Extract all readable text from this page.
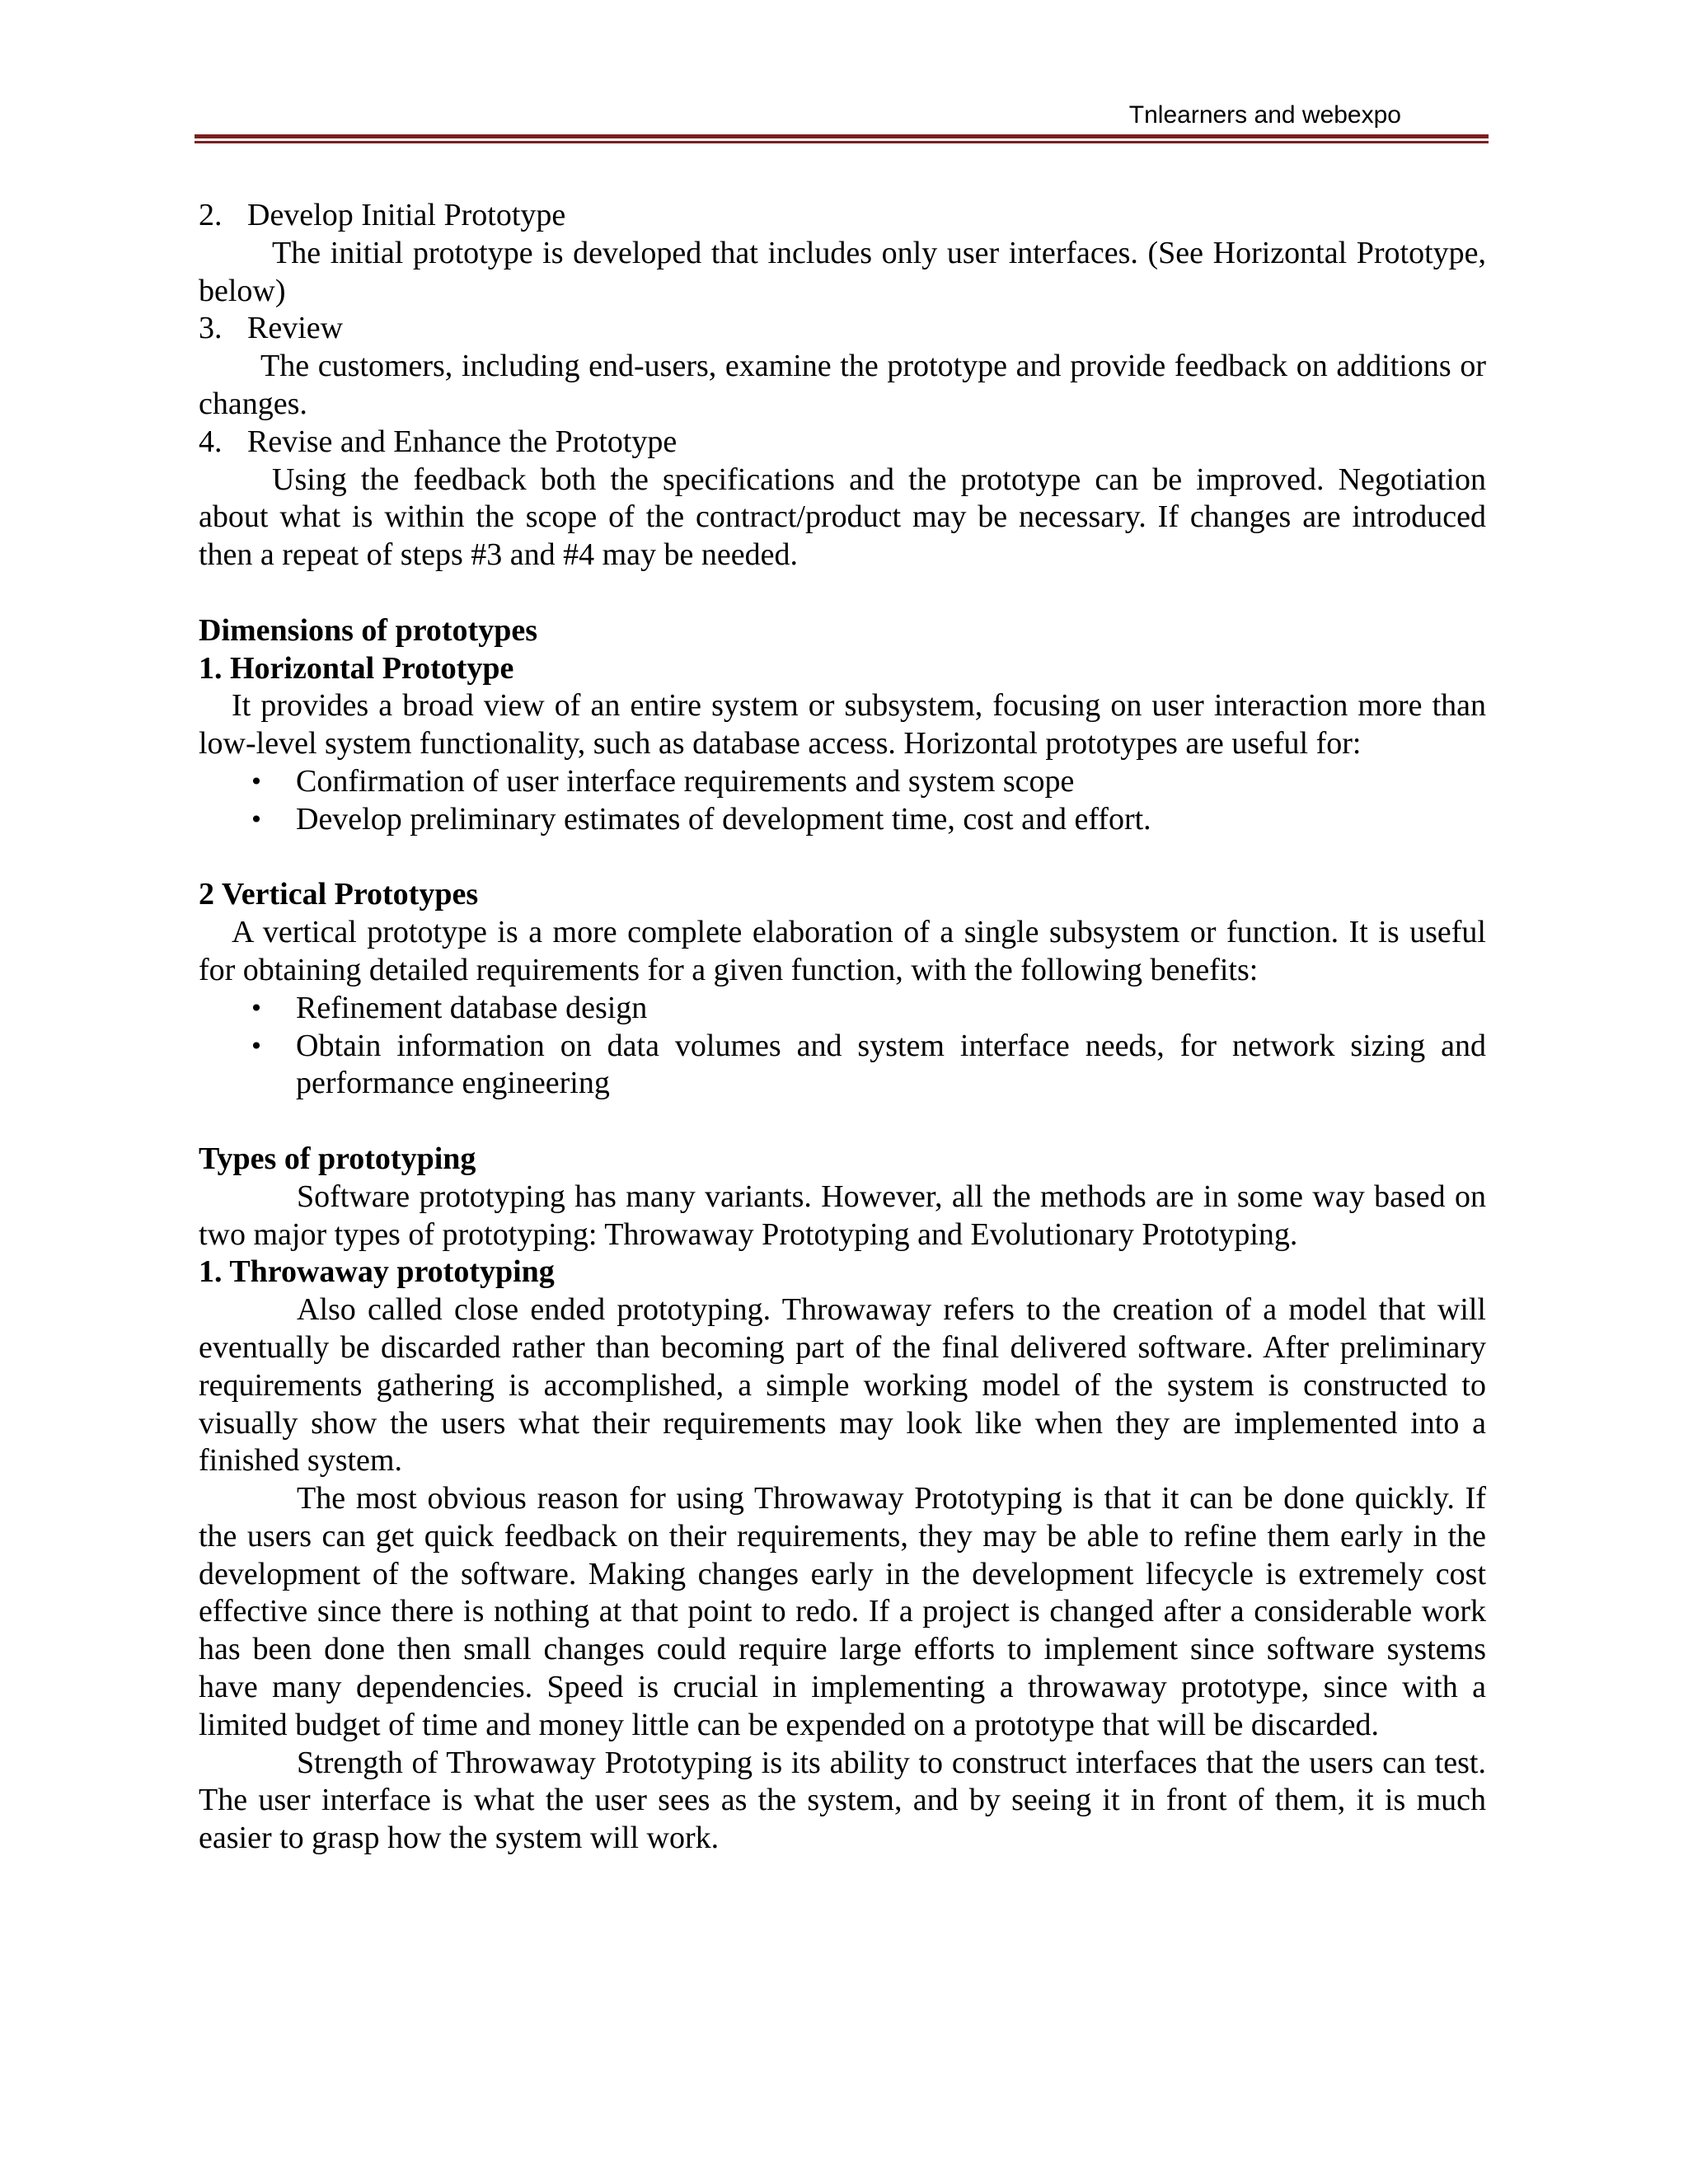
Tnlearners and webexpo

2. Develop Initial Prototype

The initial prototype is developed that includes only user interfaces. (See Horizontal Prototype, below)

3. Review

The customers, including end-users, examine the prototype and provide feedback on additions or changes.

4. Revise and Enhance the Prototype

Using the feedback both the specifications and the prototype can be improved. Negotiation about what is within the scope of the contract/product may be necessary. If changes are introduced then a repeat of steps #3 and #4 may be needed.

Dimensions of prototypes

1. Horizontal Prototype

It provides a broad view of an entire system or subsystem, focusing on user interaction more than low-level system functionality, such as database access. Horizontal prototypes are useful for:

• Confirmation of user interface requirements and system scope
• Develop preliminary estimates of development time, cost and effort.

2 Vertical Prototypes

A vertical prototype is a more complete elaboration of a single subsystem or function. It is useful for obtaining detailed requirements for a given function, with the following benefits:

• Refinement database design
• Obtain information on data volumes and system interface needs, for network sizing and performance engineering

Types of prototyping

Software prototyping has many variants. However, all the methods are in some way based on two major types of prototyping: Throwaway Prototyping and Evolutionary Prototyping.

1. Throwaway prototyping

Also called close ended prototyping. Throwaway refers to the creation of a model that will eventually be discarded rather than becoming part of the final delivered software. After preliminary requirements gathering is accomplished, a simple working model of the system is constructed to visually show the users what their requirements may look like when they are implemented into a finished system.

The most obvious reason for using Throwaway Prototyping is that it can be done quickly. If the users can get quick feedback on their requirements, they may be able to refine them early in the development of the software. Making changes early in the development lifecycle is extremely cost effective since there is nothing at that point to redo. If a project is changed after a considerable work has been done then small changes could require large efforts to implement since software systems have many dependencies. Speed is crucial in implementing a throwaway prototype, since with a limited budget of time and money little can be expended on a prototype that will be discarded.

Strength of Throwaway Prototyping is its ability to construct interfaces that the users can test. The user interface is what the user sees as the system, and by seeing it in front of them, it is much easier to grasp how the system will work.
